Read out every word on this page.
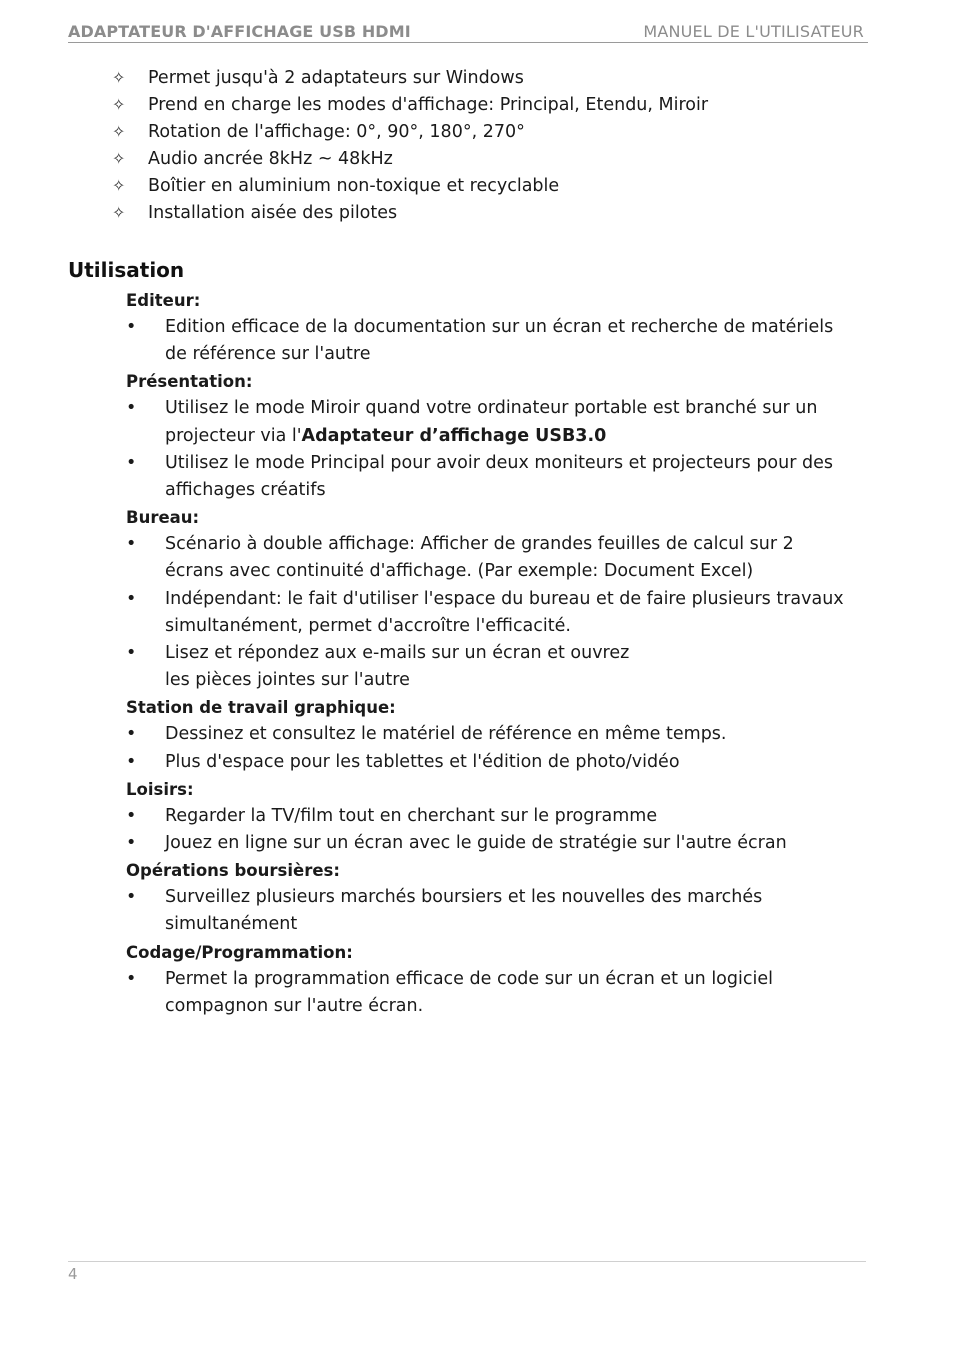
ADAPTATEUR D'AFFICHAGE USB HDMI	MANUEL DE L'UTILISATEUR
✧ Permet jusqu'à 2 adaptateurs sur Windows
✧ Prend en charge les modes d'affichage: Principal, Etendu, Miroir
✧ Rotation de l'affichage: 0°, 90°, 180°, 270°
✧ Audio ancrée 8kHz ~ 48kHz
✧ Boîtier en aluminium non-toxique et recyclable
✧ Installation aisée des pilotes
Utilisation
Editeur:
• Edition efficace de la documentation sur un écran et recherche de matériels
de référence sur l'autre
Présentation:
• Utilisez le mode Miroir quand votre ordinateur portable est branché sur un
projecteur via l'Adaptateur d’affichage USB3.0
• Utilisez le mode Principal pour avoir deux moniteurs et projecteurs pour des
affichages créatifs
Bureau:
• Scénario à double affichage: Afficher de grandes feuilles de calcul sur 2
écrans avec continuité d'affichage. (Par exemple: Document Excel)
• Indépendant: le fait d'utiliser l'espace du bureau et de faire plusieurs travaux
simultanément, permet d'accroître l'efficacité.
• Lisez et répondez aux e-mails sur un écran et ouvrez
les pièces jointes sur l'autre
Station de travail graphique:
• Dessinez et consultez le matériel de référence en même temps.
• Plus d'espace pour les tablettes et l'édition de photo/vidéo
Loisirs:
• Regarder la TV/film tout en cherchant sur le programme
• Jouez en ligne sur un écran avec le guide de stratégie sur l'autre écran
Opérations boursières:
• Surveillez plusieurs marchés boursiers et les nouvelles des marchés
simultanément
Codage/Programmation:
• Permet la programmation efficace de code sur un écran et un logiciel
compagnon sur l'autre écran.
4
